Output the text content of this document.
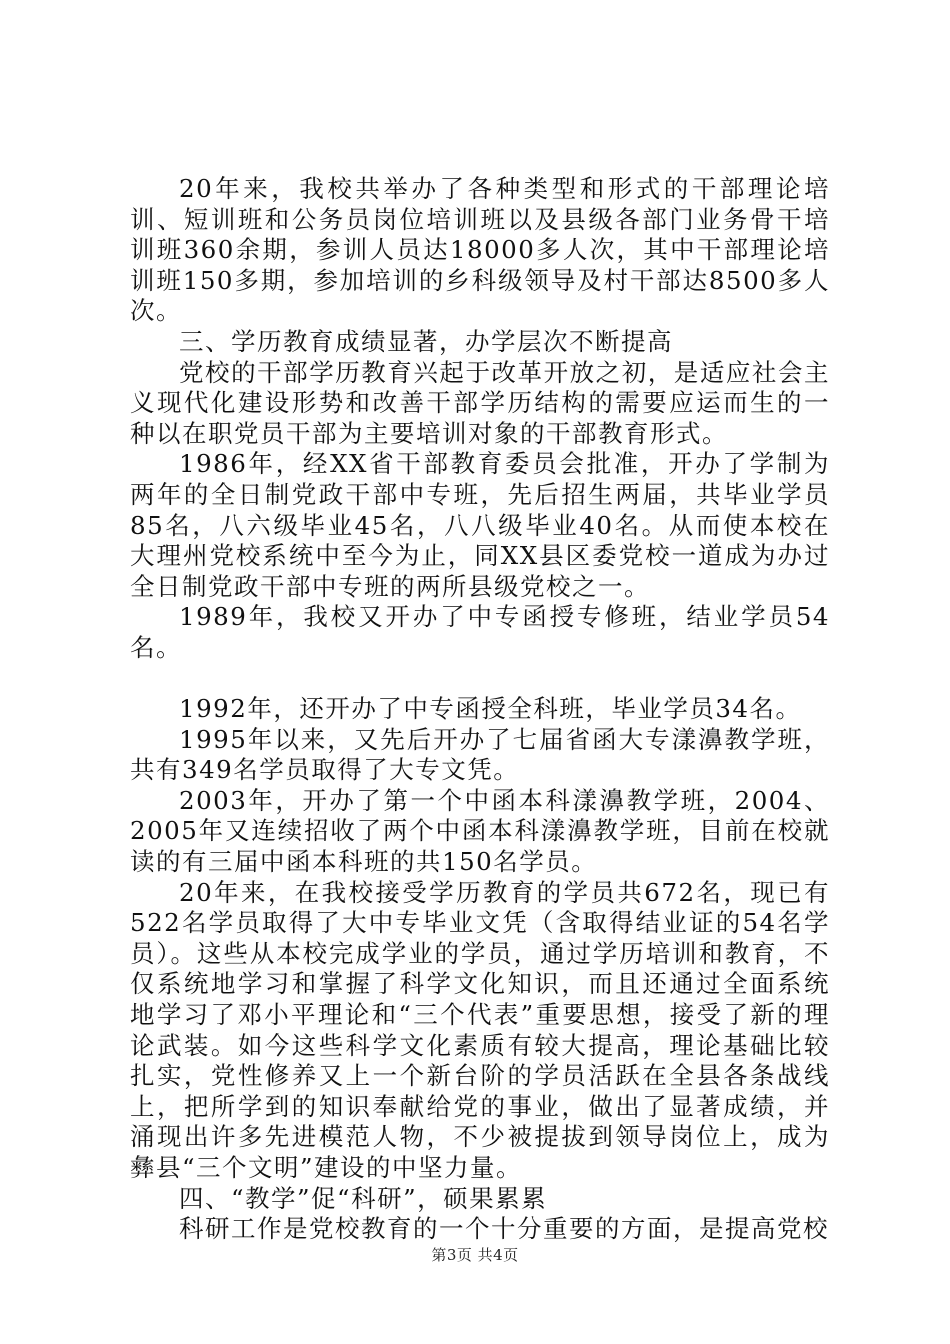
20年来，我校共举办了各种类型和形式的干部理论培训、短训班和公务员岗位培训班以及县级各部门业务骨干培训班360余期，参训人员达18000多人次，其中干部理论培训班150多期，参加培训的乡科级领导及村干部达8500多人次。

三、学历教育成绩显著，办学层次不断提高

党校的干部学历教育兴起于改革开放之初，是适应社会主义现代化建设形势和改善干部学历结构的需要应运而生的一种以在职党员干部为主要培训对象的干部教育形式。

1986年，经XX省干部教育委员会批准，开办了学制为两年的全日制党政干部中专班，先后招生两届，共毕业学员85名，八六级毕业45名，八八级毕业40名。从而使本校在大理州党校系统中至今为止，同XX县区委党校一道成为办过全日制党政干部中专班的两所县级党校之一。

1989年，我校又开办了中专函授专修班，结业学员54名。

1992年，还开办了中专函授全科班，毕业学员34名。

1995年以来，又先后开办了七届省函大专漾濞教学班，共有349名学员取得了大专文凭。

2003年，开办了第一个中函本科漾濞教学班，2004、2005年又连续招收了两个中函本科漾濞教学班，目前在校就读的有三届中函本科班的共150名学员。

20年来，在我校接受学历教育的学员共672名，现已有522名学员取得了大中专毕业文凭（含取得结业证的54名学员）。这些从本校完成学业的学员，通过学历培训和教育，不仅系统地学习和掌握了科学文化知识，而且还通过全面系统地学习了邓小平理论和“三个代表”重要思想，接受了新的理论武装。如今这些科学文化素质有较大提高，理论基础比较扎实，党性修养又上一个新台阶的学员活跃在全县各条战线上，把所学到的知识奉献给党的事业，做出了显著成绩，并涌现出许多先进模范人物，不少被提拔到领导岗位上，成为彝县“三个文明”建设的中坚力量。

四、“教学”促“科研”，硕果累累

科研工作是党校教育的一个十分重要的方面，是提高党校

第3页 共4页
